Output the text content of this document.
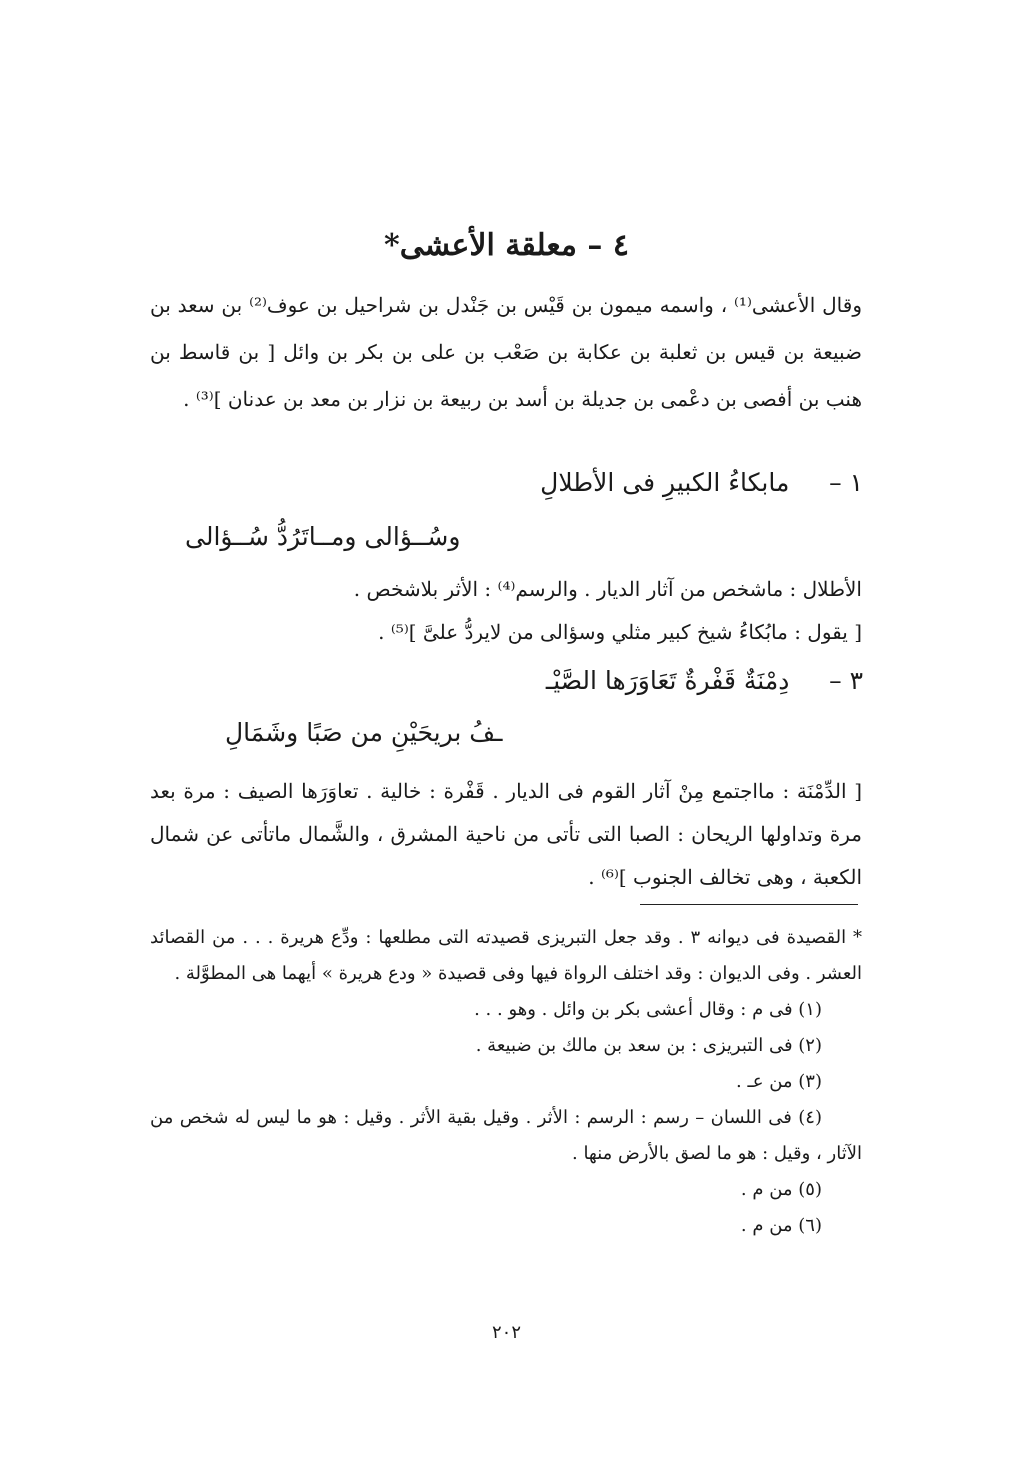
٤ – معلقة الأعشى*
وقال الأعشى⁽¹⁾ ، واسمه ميمون بن قَيْس بن جَنْدل بن شراحيل بن عوف⁽²⁾ بن سعد بن ضبيعة بن قيس بن ثعلبة بن عكابة بن صَعْب بن على بن بكر بن وائل [ بن قاسط بن هنب بن أفصى بن دعْمى بن جديلة بن أسد بن ربيعة بن نزار بن معد بن عدنان ]⁽³⁾ .
١ –     مابكاءُ الكبيرِ فى الأطلالِ
وسُــؤالى ومــاتَرُدُّ سُــؤالى
الأطلال : ماشخص من آثار الديار . والرسم⁽⁴⁾ : الأثر بلاشخص .
[ يقول : مابُكاءُ شيخ كبير مثلي وسؤالى من لايردُّ علىَّ ]⁽⁵⁾ .
٣ –     دِمْنَةٌ قَفْرةٌ تَعَاوَرَها الصَّيْـ
ـفُ بريحَيْنِ من صَبًا وشَمَالِ
[ الدِّمْنَة : مااجتمع مِنْ آثار القوم فى الديار . قَفْرة : خالية . تعاوَرَها الصيف : مرة بعد مرة وتداولها الريحان : الصبا التى تأتى من ناحية المشرق ، والشَّمال ماتأتى عن شمال الكعبة ، وهى تخالف الجنوب ]⁽⁶⁾ .

* القصيدة فى ديوانه ٣ . وقد جعل التبريزى قصيدته التى مطلعها : ودِّع هريرة . . . من القصائد العشر . وفى الديوان : وقد اختلف الرواة فيها وفى قصيدة « ودع هريرة » أيهما هى المطوَّلة .

(١) فى م : وقال أعشى بكر بن وائل . وهو . . .

(٢) فى التبريزى : بن سعد بن مالك بن ضبيعة .

(٣) من عـ .

(٤) فى اللسان – رسم : الرسم : الأثر . وقيل بقية الأثر . وقيل : هو ما ليس له شخص من الآثار ، وقيل : هو ما لصق بالأرض منها .

(٥) من م .

(٦) من م .

٢٠٢
